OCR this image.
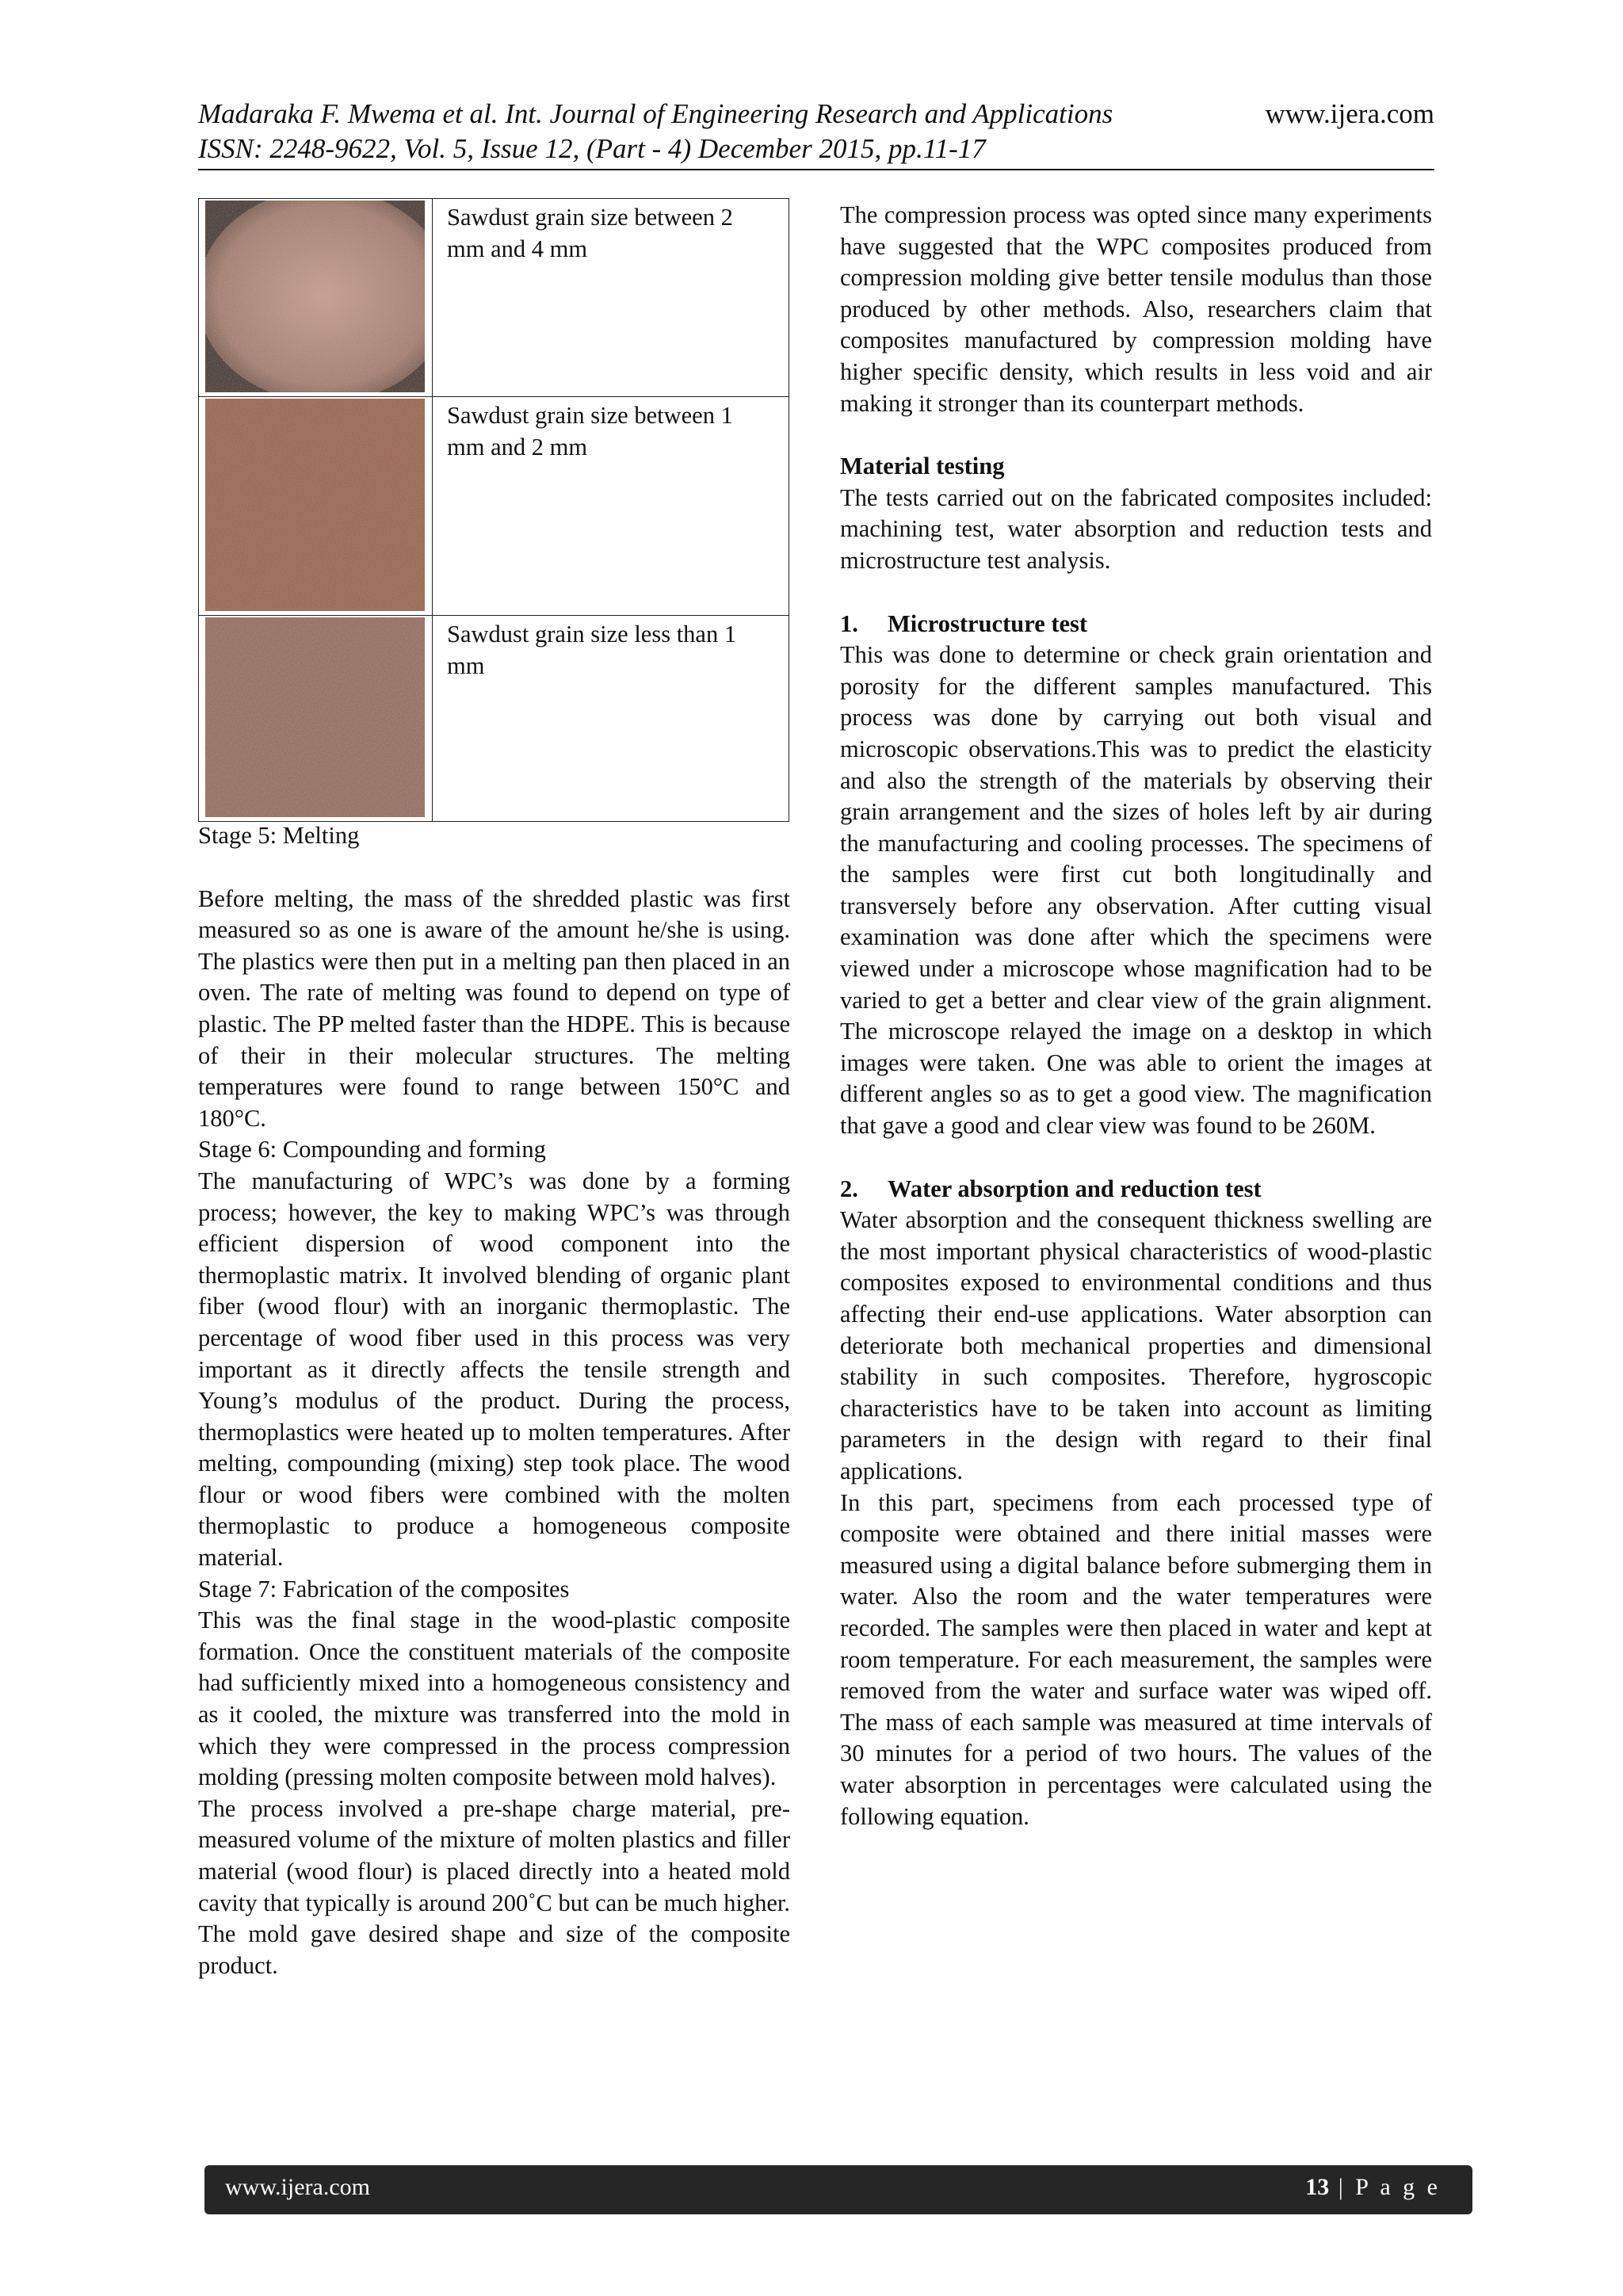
Madaraka F. Mwema et al. Int. Journal of Engineering Research and Applications	www.ijera.com
ISSN: 2248-9622, Vol. 5, Issue 12, (Part - 4) December 2015, pp.11-17
	Sawdust grain size between 2 mm and 4 mm
	Sawdust grain size between 1 mm and 2 mm
	Sawdust grain size less than 1 mm

Stage 5: Melting

Before melting, the mass of the shredded plastic was first measured so as one is aware of the amount he/she is using. The plastics were then put in a melting pan then placed in an oven. The rate of melting was found to depend on type of plastic. The PP melted faster than the HDPE. This is because of their in their molecular structures. The melting temperatures were found to range between 150°C and 180°C.

Stage 6: Compounding and forming

The manufacturing of WPC’s was done by a forming process; however, the key to making WPC’s was through efficient dispersion of wood component into the thermoplastic matrix. It involved blending of organic plant fiber (wood flour) with an inorganic thermoplastic. The percentage of wood fiber used in this process was very important as it directly affects the tensile strength and Young’s modulus of the product. During the process, thermoplastics were heated up to molten temperatures. After melting, compounding (mixing) step took place. The wood flour or wood fibers were combined with the molten thermoplastic to produce a homogeneous composite material.

Stage 7: Fabrication of the composites

This was the final stage in the wood-plastic composite formation. Once the constituent materials of the composite had sufficiently mixed into a homogeneous consistency and as it cooled, the mixture was transferred into the mold in which they were compressed in the process compression molding (pressing molten composite between mold halves).

The process involved a pre-shape charge material, pre-measured volume of the mixture of molten plastics and filler material (wood flour) is placed directly into a heated mold cavity that typically is around 200˚C but can be much higher. The mold gave desired shape and size of the composite product.

The compression process was opted since many experiments have suggested that the WPC composites produced from compression molding give better tensile modulus than those produced by other methods. Also, researchers claim that composites manufactured by compression molding have higher specific density, which results in less void and air making it stronger than its counterpart methods.

Material testing

The tests carried out on the fabricated composites included: machining test, water absorption and reduction tests and microstructure test analysis.

1. Microstructure test

This was done to determine or check grain orientation and porosity for the different samples manufactured. This process was done by carrying out both visual and microscopic observations.This was to predict the elasticity and also the strength of the materials by observing their grain arrangement and the sizes of holes left by air during the manufacturing and cooling processes. The specimens of the samples were first cut both longitudinally and transversely before any observation. After cutting visual examination was done after which the specimens were viewed under a microscope whose magnification had to be varied to get a better and clear view of the grain alignment. The microscope relayed the image on a desktop in which images were taken. One was able to orient the images at different angles so as to get a good view. The magnification that gave a good and clear view was found to be 260M.

2. Water absorption and reduction test

Water absorption and the consequent thickness swelling are the most important physical characteristics of wood-plastic composites exposed to environmental conditions and thus affecting their end-use applications. Water absorption can deteriorate both mechanical properties and dimensional stability in such composites. Therefore, hygroscopic characteristics have to be taken into account as limiting parameters in the design with regard to their final applications.

In this part, specimens from each processed type of composite were obtained and there initial masses were measured using a digital balance before submerging them in water. Also the room and the water temperatures were recorded. The samples were then placed in water and kept at room temperature. For each measurement, the samples were removed from the water and surface water was wiped off. The mass of each sample was measured at time intervals of 30 minutes for a period of two hours. The values of the water absorption in percentages were calculated using the following equation.

www.ijera.com	13 | P a g e
